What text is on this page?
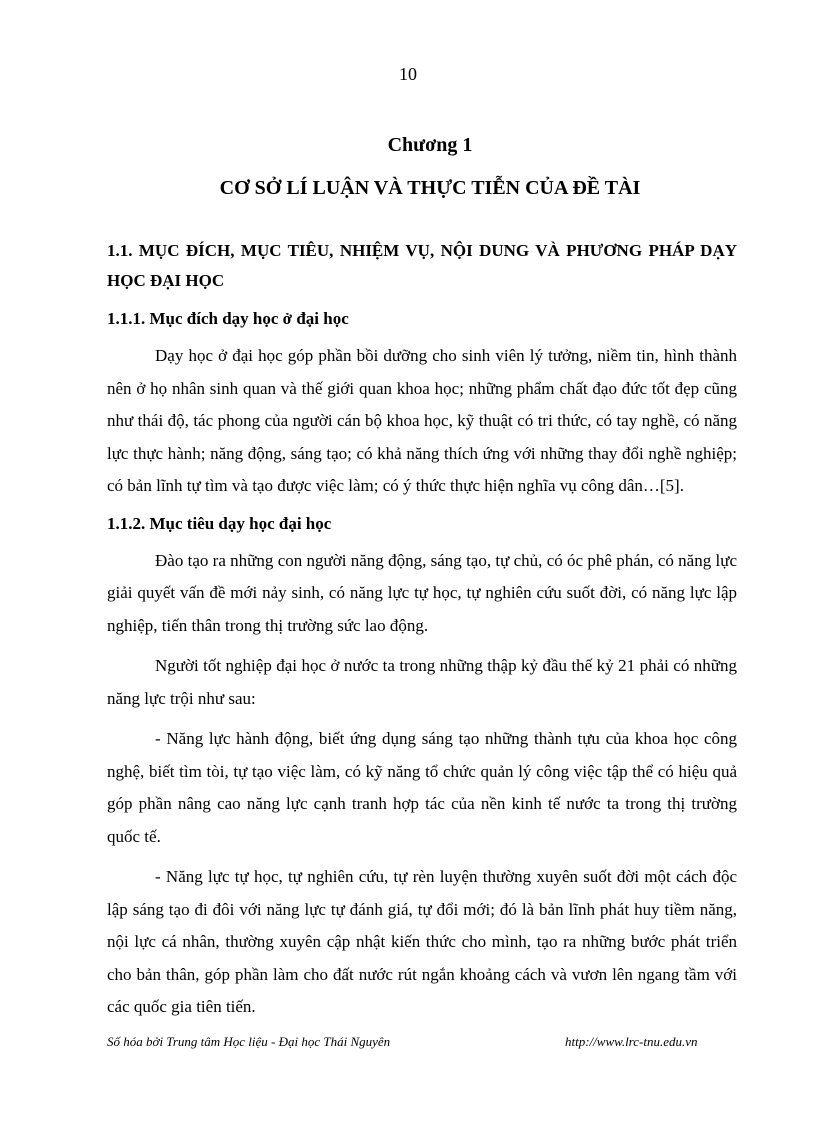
10
Chương 1
CƠ SỞ LÍ LUẬN VÀ THỰC TIỄN CỦA ĐỀ TÀI
1.1. MỤC ĐÍCH, MỤC TIÊU, NHIỆM VỤ, NỘI DUNG VÀ PHƯƠNG PHÁP DẠY HỌC ĐẠI HỌC
1.1.1. Mục đích dạy học ở đại học

Dạy học ở đại học góp phần bồi dưỡng cho sinh viên lý tưởng, niềm tin, hình thành nên ở họ nhân sinh quan và thế giới quan khoa học; những phẩm chất đạo đức tốt đẹp cũng như thái độ, tác phong của người cán bộ khoa học, kỹ thuật có tri thức, có tay nghề, có năng lực thực hành; năng động, sáng tạo; có khả năng thích ứng với những thay đổi nghề nghiệp; có bản lĩnh tự tìm và tạo được việc làm; có ý thức thực hiện nghĩa vụ công dân…[5].

1.1.2. Mục tiêu dạy học đại học

Đào tạo ra những con người năng động, sáng tạo, tự chủ, có óc phê phán, có năng lực giải quyết vấn đề mới nảy sinh, có năng lực tự học, tự nghiên cứu suốt đời, có năng lực lập nghiệp, tiến thân trong thị trường sức lao động.

Người tốt nghiệp đại học ở nước ta trong những thập kỷ đầu thế kỷ 21 phải có những năng lực trội như sau:

- Năng lực hành động, biết ứng dụng sáng tạo những thành tựu của khoa học công nghệ, biết tìm tòi, tự tạo việc làm, có kỹ năng tổ chức quản lý công việc tập thể có hiệu quả góp phần nâng cao năng lực cạnh tranh hợp tác của nền kinh tế nước ta trong thị trường quốc tế.

- Năng lực tự học, tự nghiên cứu, tự rèn luyện thường xuyên suốt đời một cách độc lập sáng tạo đi đôi với năng lực tự đánh giá, tự đổi mới; đó là bản lĩnh phát huy tiềm năng, nội lực cá nhân, thường xuyên cập nhật kiến thức cho mình, tạo ra những bước phát triển cho bản thân, góp phần làm cho đất nước rút ngắn khoảng cách và vươn lên ngang tầm với các quốc gia tiên tiến.

Số hóa bởi Trung tâm Học liệu - Đại học Thái Nguyên	http://www.lrc-tnu.edu.vn
